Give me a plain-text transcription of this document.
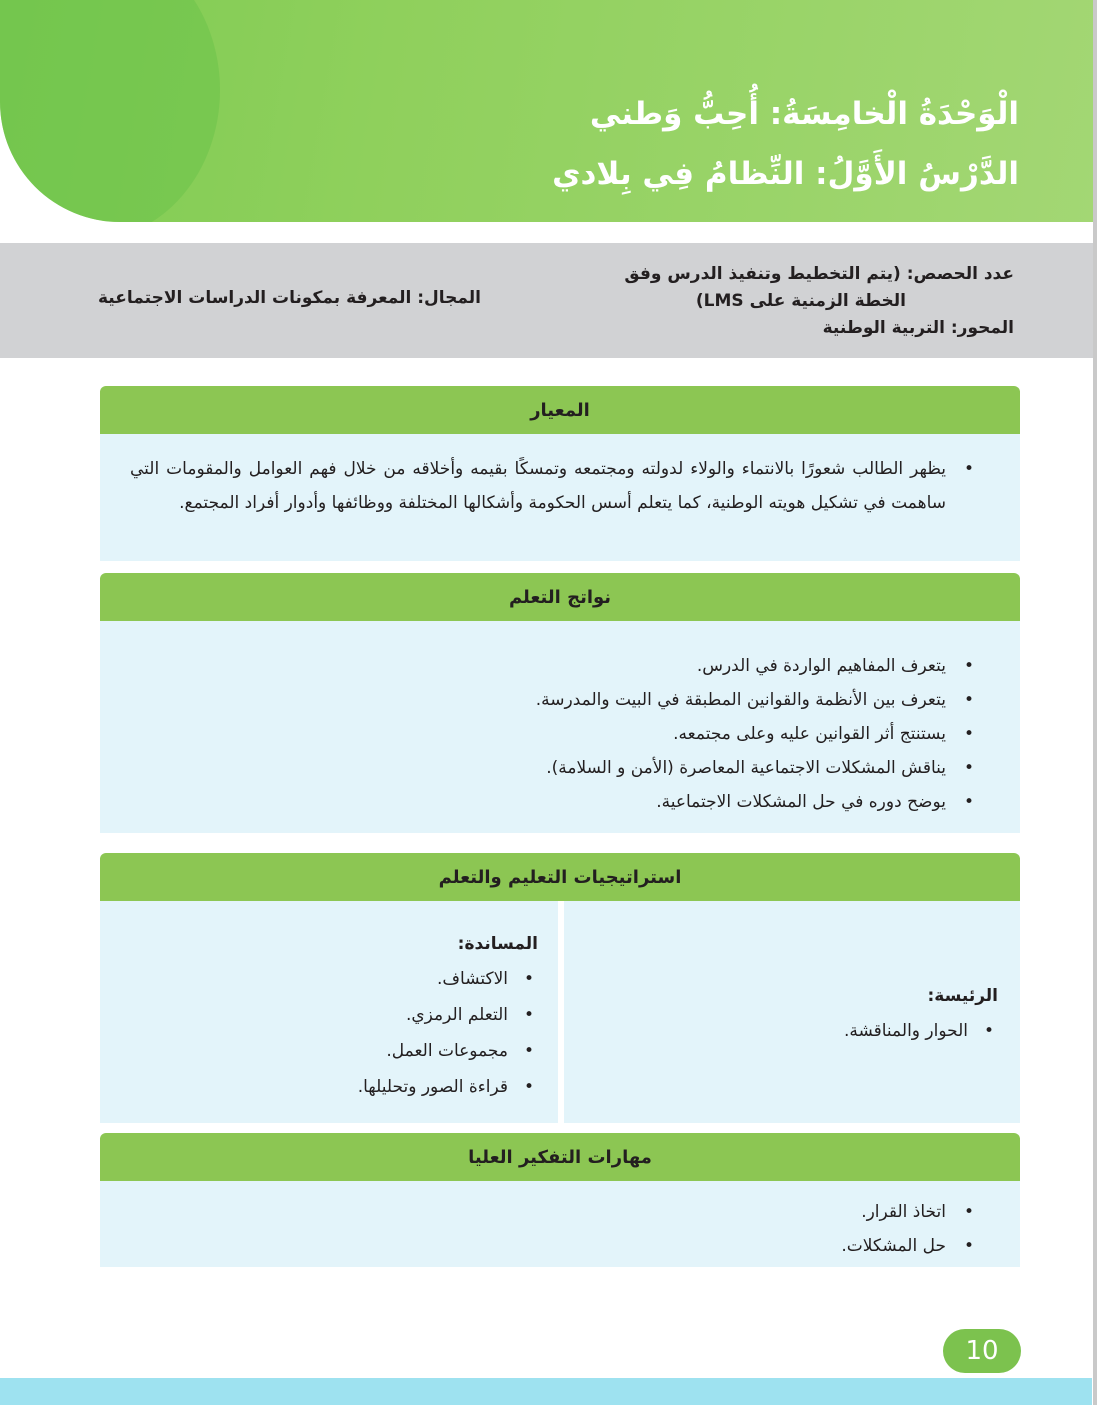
الْوَحْدَةُ الْخامِسَةُ: أُحِبُّ وَطني
الدَّرْسُ الأَوَّلُ: النِّظامُ فِي بِلادي
عدد الحصص: (يتم التخطيط وتنفيذ الدرس وفق

الخطة الزمنية على LMS)
المحور: التربية الوطنية
المجال: المعرفة بمكونات الدراسات الاجتماعية
المعيار
• يظهر الطالب شعورًا بالانتماء والولاء لدولته ومجتمعه وتمسكًا بقيمه وأخلاقه من خلال فهم العوامل والمقومات التي ساهمت في تشكيل هويته الوطنية، كما يتعلم أسس الحكومة وأشكالها المختلفة ووظائفها وأدوار أفراد المجتمع.
نواتج التعلم
• يتعرف المفاهيم الواردة في الدرس.
• يتعرف بين الأنظمة والقوانين المطبقة في البيت والمدرسة.
• يستنتج أثر القوانين عليه وعلى مجتمعه.
• يناقش المشكلات الاجتماعية المعاصرة (الأمن و السلامة).
• يوضح دوره في حل المشكلات الاجتماعية.
استراتيجيات التعليم والتعلم
الرئيسة:
• الحوار والمناقشة.
المساندة:
• الاكتشاف.
• التعلم الرمزي.
• مجموعات العمل.
• قراءة الصور وتحليلها.
مهارات التفكير العليا
• اتخاذ القرار.
• حل المشكلات.
10
